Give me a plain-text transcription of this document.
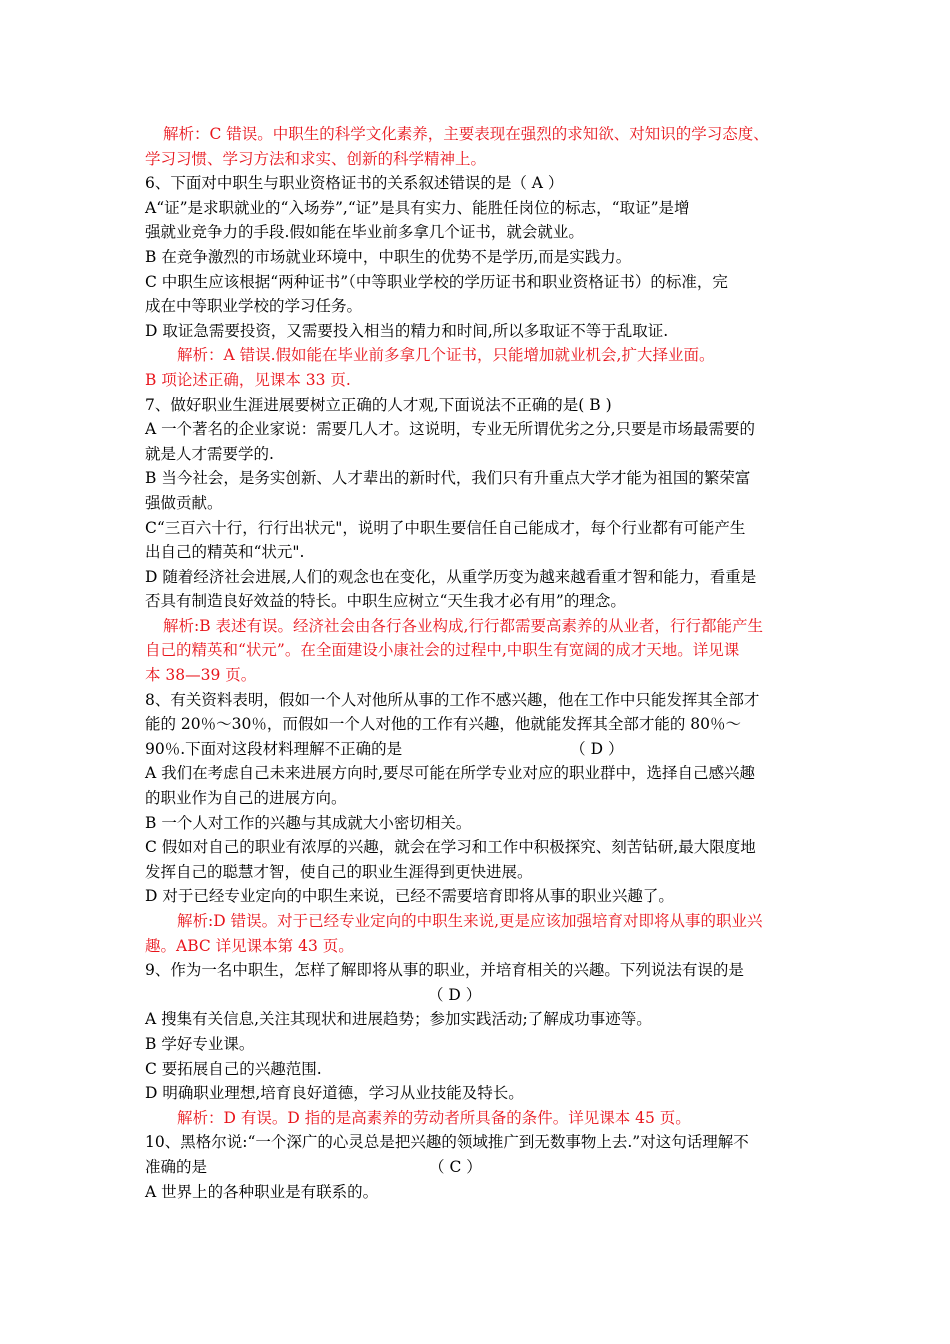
解析：C 错误。中职生的科学文化素养，主要表现在强烈的求知欲、对知识的学习态度、
学习习惯、学习方法和求实、创新的科学精神上。
6、下面对中职生与职业资格证书的关系叙述错误的是（ A ）
A“证”是求职就业的“入场券”,“证”是具有实力、能胜任岗位的标志，“取证”是增
强就业竞争力的手段.假如能在毕业前多拿几个证书，就会就业。
B 在竞争激烈的市场就业环境中，中职生的优势不是学历,而是实践力。
C 中职生应该根据“两种证书”（中等职业学校的学历证书和职业资格证书）的标准，完
成在中等职业学校的学习任务。
D 取证急需要投资，又需要投入相当的精力和时间,所以多取证不等于乱取证.
解析：A 错误.假如能在毕业前多拿几个证书，只能增加就业机会,扩大择业面。
B 项论述正确，见课本 33 页.
7、做好职业生涯进展要树立正确的人才观,下面说法不正确的是( B )
A 一个著名的企业家说：需要几人才。这说明，专业无所谓优劣之分,只要是市场最需要的
就是人才需要学的.
B 当今社会，是务实创新、人才辈出的新时代，我们只有升重点大学才能为祖国的繁荣富
强做贡献。
C“三百六十行，行行出状元"，说明了中职生要信任自己能成才，每个行业都有可能产生
出自己的精英和“状元".
D 随着经济社会进展,人们的观念也在变化，从重学历变为越来越看重才智和能力，看重是
否具有制造良好效益的特长。中职生应树立“天生我才必有用”的理念。
解析:B 表述有误。经济社会由各行各业构成,行行都需要高素养的从业者，行行都能产生
自己的精英和“状元”。在全面建设小康社会的过程中,中职生有宽阔的成才天地。详见课
本 38—39 页。
8、有关资料表明，假如一个人对他所从事的工作不感兴趣，他在工作中只能发挥其全部才
能的 20％～30％，而假如一个人对他的工作有兴趣，他就能发挥其全部才能的 80％～
90％.下面对这段材料理解不正确的是	（ D ）
A 我们在考虑自己未来进展方向时,要尽可能在所学专业对应的职业群中，选择自己感兴趣
的职业作为自己的进展方向。
B 一个人对工作的兴趣与其成就大小密切相关。
C 假如对自己的职业有浓厚的兴趣，就会在学习和工作中积极探究、刻苦钻研,最大限度地
发挥自己的聪慧才智，使自己的职业生涯得到更快进展。
D 对于已经专业定向的中职生来说，已经不需要培育即将从事的职业兴趣了。
解析:D 错误。对于已经专业定向的中职生来说,更是应该加强培育对即将从事的职业兴
趣。ABC 详见课本第 43 页。
9、作为一名中职生，怎样了解即将从事的职业，并培育相关的兴趣。下列说法有误的是
（ D ）
A 搜集有关信息,关注其现状和进展趋势；参加实践活动;了解成功事迹等。
B 学好专业课。
C 要拓展自己的兴趣范围.
D 明确职业理想,培育良好道德，学习从业技能及特长。
解析：D 有误。D 指的是高素养的劳动者所具备的条件。详见课本 45 页。
10、黑格尔说:“一个深广的心灵总是把兴趣的领域推广到无数事物上去.”对这句话理解不
准确的是	（ C ）
A 世界上的各种职业是有联系的。
